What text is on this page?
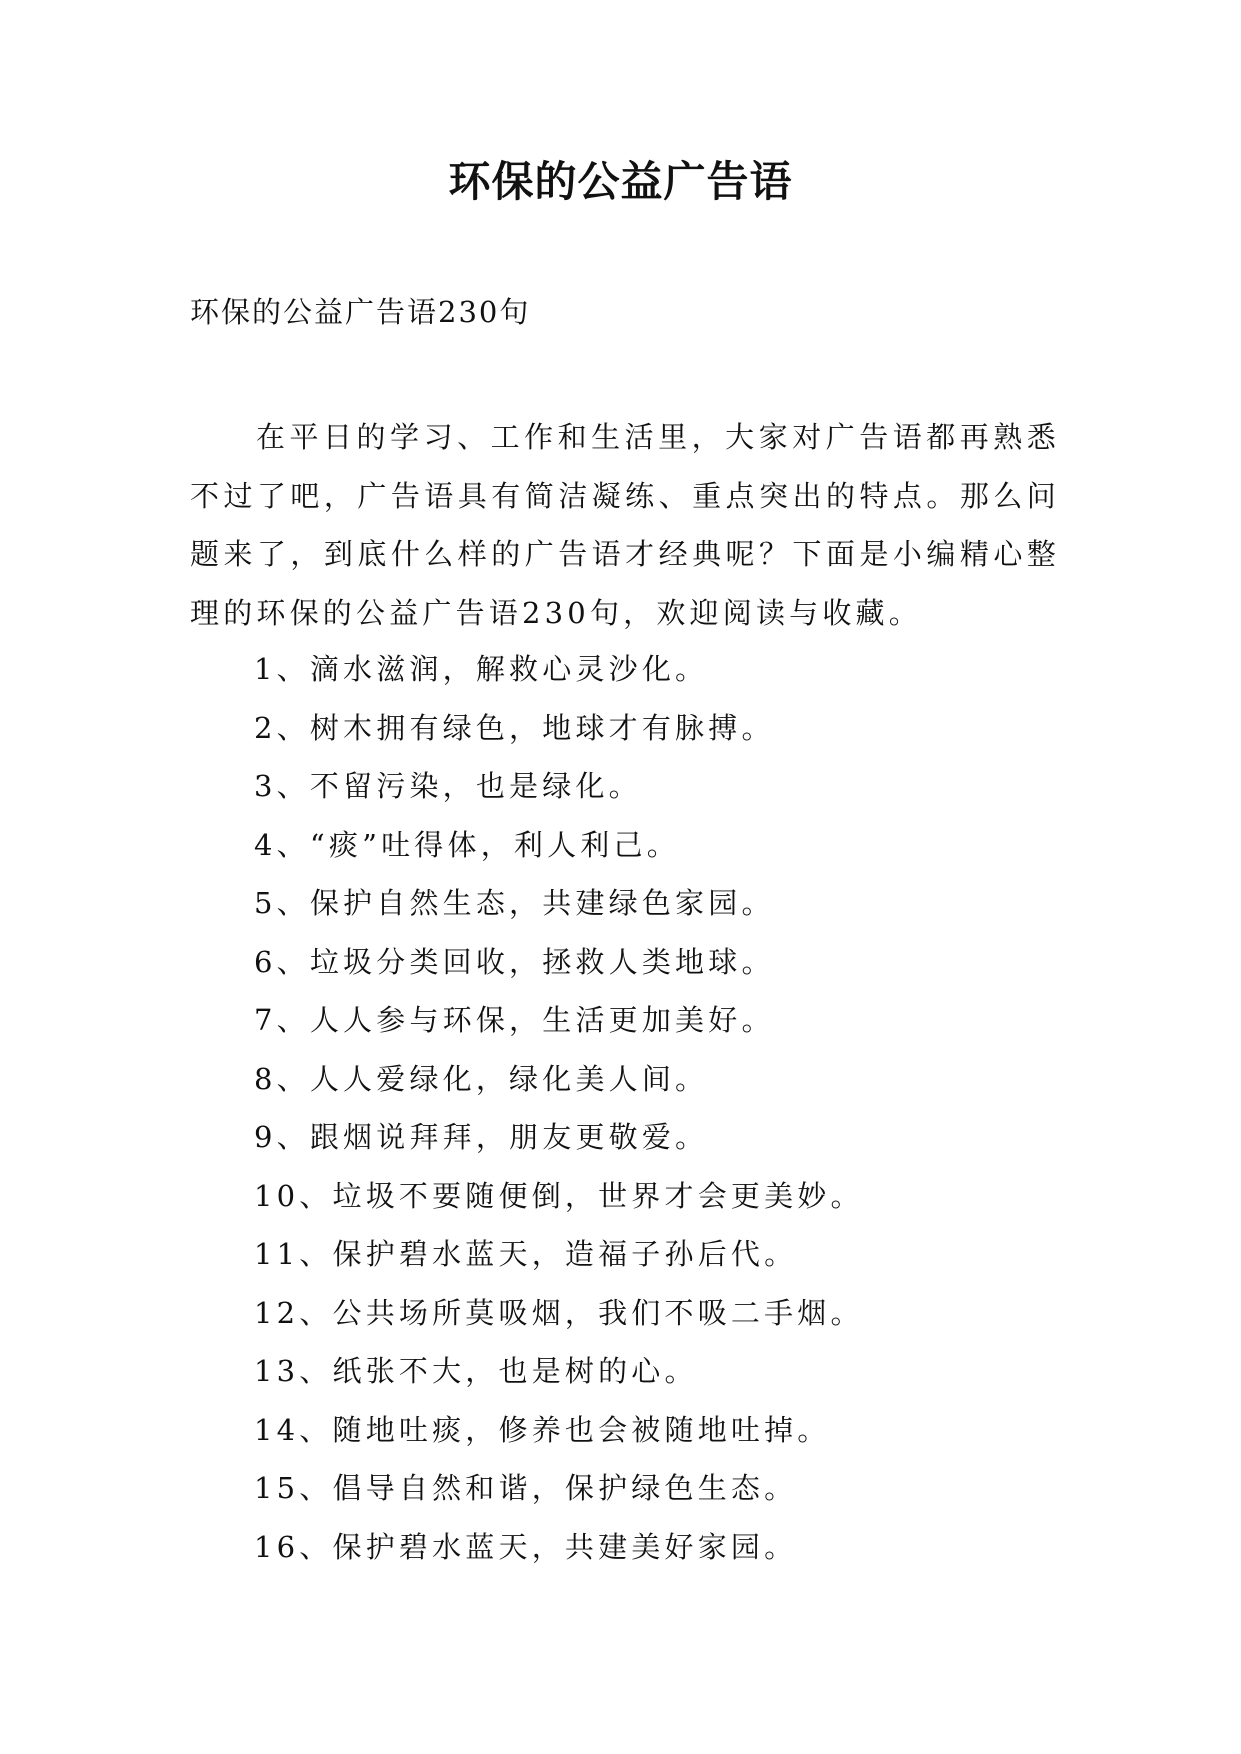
环保的公益广告语
环保的公益广告语230句

在平日的学习、工作和生活里，大家对广告语都再熟悉不过了吧，广告语具有简洁凝练、重点突出的特点。那么问题来了，到底什么样的广告语才经典呢？下面是小编精心整理的环保的公益广告语230句，欢迎阅读与收藏。

1、滴水滋润，解救心灵沙化。
2、树木拥有绿色，地球才有脉搏。
3、不留污染，也是绿化。
4、“痰”吐得体，利人利己。
5、保护自然生态，共建绿色家园。
6、垃圾分类回收，拯救人类地球。
7、人人参与环保，生活更加美好。
8、人人爱绿化，绿化美人间。
9、跟烟说拜拜，朋友更敬爱。
10、垃圾不要随便倒，世界才会更美妙。
11、保护碧水蓝天，造福子孙后代。
12、公共场所莫吸烟，我们不吸二手烟。
13、纸张不大，也是树的心。
14、随地吐痰，修养也会被随地吐掉。
15、倡导自然和谐，保护绿色生态。
16、保护碧水蓝天，共建美好家园。
